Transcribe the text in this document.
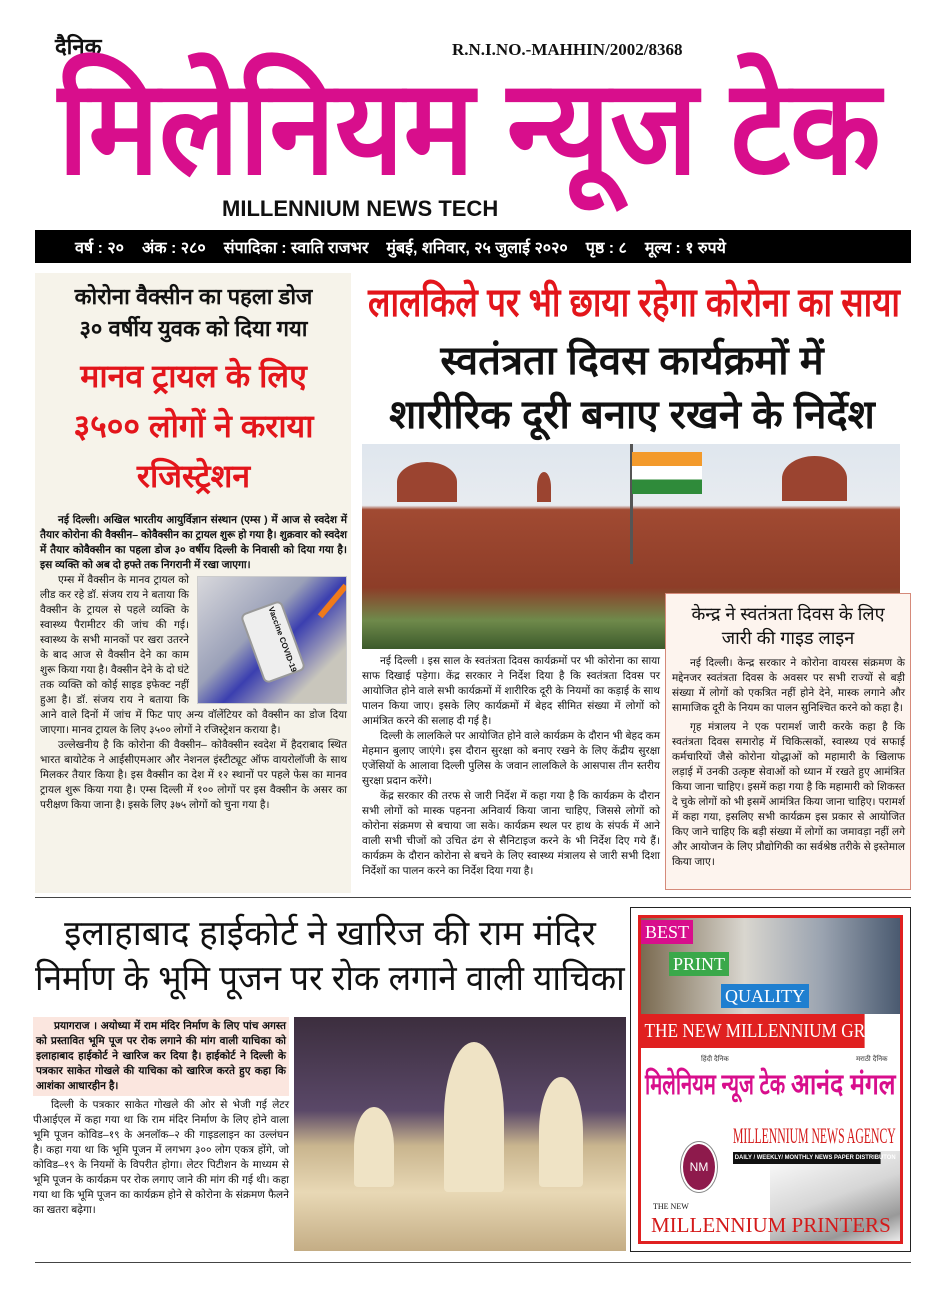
दैनिक	R.N.I.NO.-MAHHIN/2002/8368
मिलेनियम न्यूज टेक
MILLENNIUM NEWS TECH
वर्ष : २० अंक : २८० संपादिका : स्वाति राजभर मुंबई, शनिवार, २५ जुलाई २०२० पृष्ठ : ८ मूल्य : १ रुपये
कोरोना वैक्सीन का पहला डोज
३० वर्षीय युवक को दिया गया
मानव ट्रायल के लिए
३५०० लोगों ने कराया
रजिस्ट्रेशन

नई दिल्ली। अखिल भारतीय आयुर्विज्ञान संस्थान (एम्स ) में आज से स्वदेश में तैयार कोरोना की वैक्सीन– कोवैक्सीन का ट्रायल शुरू हो गया है। शुक्रवार को स्वदेश में तैयार कोवैक्सीन का पहला डोज ३० वर्षीय दिल्ली के निवासी को दिया गया है। इस व्यक्ति को अब दो हफ्ते तक निगरानी में रखा जाएगा।

Vaccine COVID-19

एम्स में वैक्सीन के मानव ट्रायल को लीड कर रहे डॉ. संजय राय ने बताया कि वैक्सीन के ट्रायल से पहले व्यक्ति के स्वास्थ्य पैरामीटर की जांच की गई। स्वास्थ्य के सभी मानकों पर खरा उतरने के बाद आज से वैक्सीन देने का काम शुरू किया गया है। वैक्सीन देने के दो घंटे तक व्यक्ति को कोई साइड इफेक्ट नहीं हुआ है। डॉ. संजय राय ने बताया कि आने वाले दिनों में जांच में फिट पाए अन्य वॉलेंटियर को वैक्सीन का डोज दिया जाएगा। मानव ट्रायल के लिए ३५०० लोगों ने रजिस्ट्रेशन कराया है।

उल्लेखनीय है कि कोरोना की वैक्सीन– कोवैक्सीन स्वदेश में हैदराबाद स्थित भारत बायोटेक ने आईसीएमआर और नेशनल इंस्टीट्यूट ऑफ वायरोलॉजी के साथ मिलकर तैयार किया है। इस वैक्सीन का देश में १२ स्थानों पर पहले फेस का मानव ट्रायल शुरू किया गया है। एम्स दिल्ली में १०० लोगों पर इस वैक्सीन के असर का परीक्षण किया जाना है। इसके लिए ३७५ लोगों को चुना गया है।

लालकिले पर भी छाया रहेगा कोरोना का साया
स्वतंत्रता दिवस कार्यक्रमों में
शारीरिक दूरी बनाए रखने के निर्देश
केन्द्र ने स्वतंत्रता दिवस के लिए
जारी की गाइड लाइन

नई दिल्ली। केन्द्र सरकार ने कोरोना वायरस संक्रमण के मद्देनजर स्वतंत्रता दिवस के अवसर पर सभी राज्यों से बड़ी संख्या में लोगों को एकत्रित नहीं होने देने, मास्क लगाने और सामाजिक दूरी के नियम का पालन सुनिश्चित करने को कहा है।

गृह मंत्रालय ने एक परामर्श जारी करके कहा है कि स्वतंत्रता दिवस समारोह में चिकित्सकों, स्वास्थ्य एवं सफाई कर्मचारियों जैसे कोरोना योद्धाओं को महामारी के खिलाफ लड़ाई में उनकी उत्कृष्ट सेवाओं को ध्यान में रखते हुए आमंत्रित किया जाना चाहिए। इसमें कहा गया है कि महामारी को शिकस्त दे चुके लोगों को भी इसमें आमंत्रित किया जाना चाहिए। परामर्श में कहा गया, इसलिए सभी कार्यक्रम इस प्रकार से आयोजित किए जाने चाहिए कि बड़ी संख्या में लोगों का जमावड़ा नहीं लगे और आयोजन के लिए प्रौद्योगिकी का सर्वश्रेष्ठ तरीके से इस्तेमाल किया जाए।

नई दिल्ली । इस साल के स्वतंत्रता दिवस कार्यक्रमों पर भी कोरोना का साया साफ दिखाई पड़ेगा। केंद्र सरकार ने निर्देश दिया है कि स्वतंत्रता दिवस पर आयोजित होने वाले सभी कार्यक्रमों में शारीरिक दूरी के नियमों का कड़ाई के साथ पालन किया जाए। इसके लिए कार्यक्रमों में बेहद सीमित संख्या में लोगों को आमंत्रित करने की सलाह दी गई है।

दिल्ली के लालकिले पर आयोजित होने वाले कार्यक्रम के दौरान भी बेहद कम मेहमान बुलाए जाएंगे। इस दौरान सुरक्षा को बनाए रखने के लिए केंद्रीय सुरक्षा एजेंसियों के आलावा दिल्ली पुलिस के जवान लालकिले के आसपास तीन स्तरीय सुरक्षा प्रदान करेंगे।

केंद्र सरकार की तरफ से जारी निर्देश में कहा गया है कि कार्यक्रम के दौरान सभी लोगों को मास्क पहनना अनिवार्य किया जाना चाहिए, जिससे लोगों को कोरोना संक्रमण से बचाया जा सके। कार्यक्रम स्थल पर हाथ के संपर्क में आने वाली सभी चीजों को उचित ढंग से सैनिटाइज करने के भी निर्देश दिए गये हैं। कार्यक्रम के दौरान कोरोना से बचने के लिए स्वास्थ्य मंत्रालय से जारी सभी दिशा निर्देशों का पालन करने का निर्देश दिया गया है।

इलाहाबाद हाईकोर्ट ने खारिज की राम मंदिर
निर्माण के भूमि पूजन पर रोक लगाने वाली याचिका

प्रयागराज । अयोध्या में राम मंदिर निर्माण के लिए पांच अगस्त को प्रस्तावित भूमि पूज पर रोक लगाने की मांग वाली याचिका को इलाहाबाद हाईकोर्ट ने खारिज कर दिया है। हाईकोर्ट ने दिल्ली के पत्रकार साकेत गोखले की याचिका को खारिज करते हुए कहा कि आशंका आधारहीन है।

दिल्ली के पत्रकार साकेत गोखले की ओर से भेजी गई लेटर पीआईएल में कहा गया था कि राम मंदिर निर्माण के लिए होने वाला भूमि पूजन कोविड–१९ के अनलॉक–२ की गाइडलाइन का उल्लंघन है। कहा गया था कि भूमि पूजन में लगभग ३०० लोग एकत्र होंगे, जो कोविड–१९ के नियमों के विपरीत होगा। लेटर पिटीशन के माध्यम से भूमि पूजन के कार्यक्रम पर रोक लगाए जाने की मांग की गई थी। कहा गया था कि भूमि पूजन का कार्यक्रम होने से कोरोना के संक्रमण फैलने का खतरा बढ़ेगा।

BEST
PRINT
QUALITY
THE NEW MILLENNIUM GROUP
हिंदी दैनिक
मिलेनियम न्यूज टेक
मराठी दैनिक
आनंद मंगल
NM
MILLENNIUM NEWS AGENCY
DAILY / WEEKLY/ MONTHLY NEWS PAPER DISTRIBUTON
THE NEW
MILLENNIUM PRINTERS
